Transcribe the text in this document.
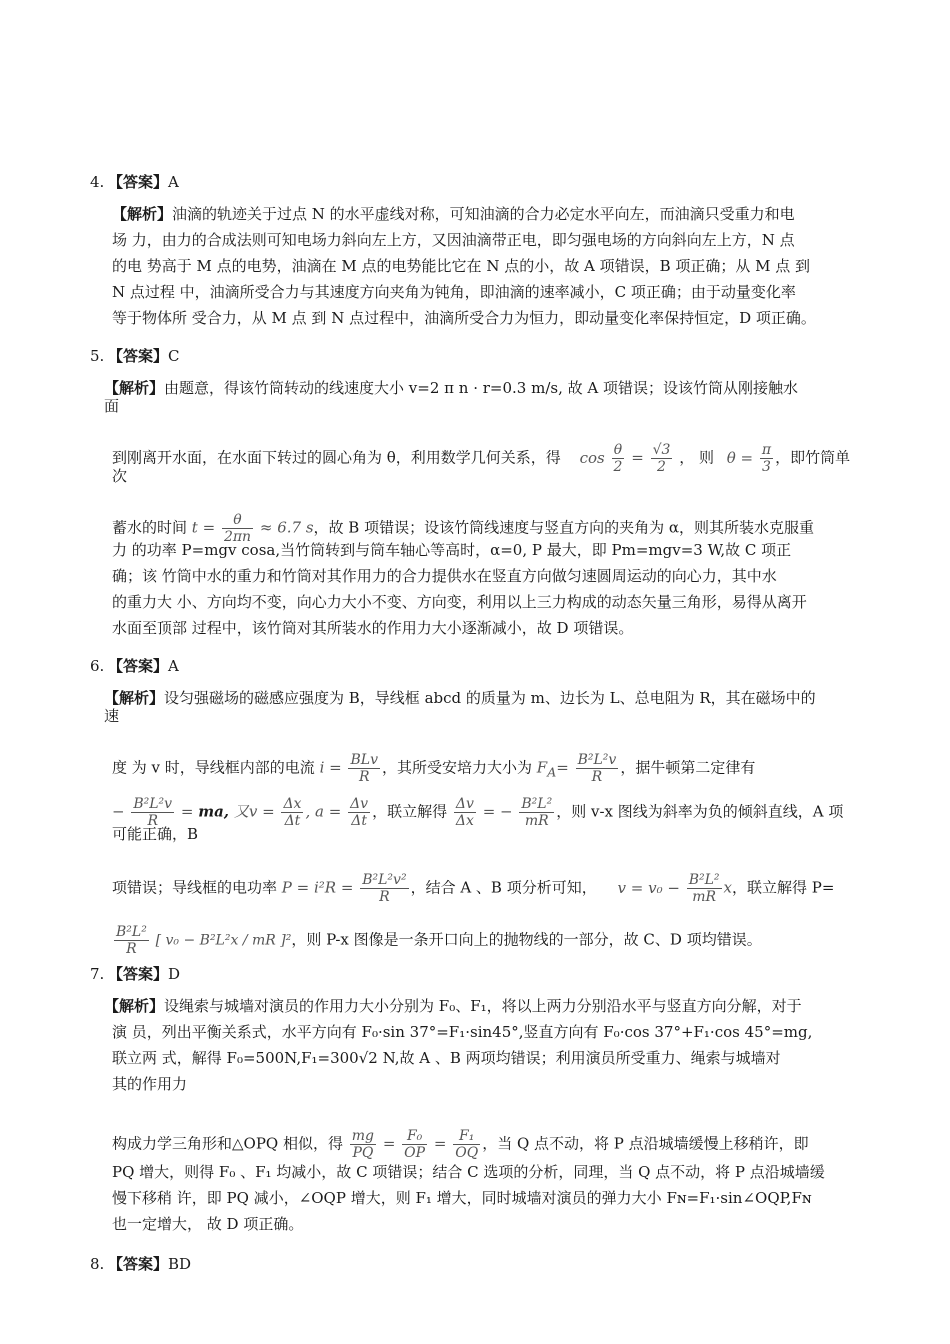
4. 【答案】A
【解析】油滴的轨迹关于过点 N 的水平虚线对称，可知油滴的合力必定水平向左，而油滴只受重力和电
场 力，由力的合成法则可知电场力斜向左上方，又因油滴带正电，即匀强电场的方向斜向左上方，N 点
的电 势高于 M 点的电势，油滴在 M 点的电势能比它在 N 点的小，故 A 项错误，B 项正确；从 M 点 到
N 点过程 中，油滴所受合力与其速度方向夹角为钝角，即油滴的速率减小，C 项正确；由于动量变化率
等于物体所 受合力，从 M 点 到 N 点过程中，油滴所受合力为恒力，即动量变化率保持恒定，D 项正确。
5. 【答案】C
【解析】由题意，得该竹筒转动的线速度大小 v=2 π n · r=0.3 m/s, 故 A 项错误；设该竹筒从刚接触水
面
到刚离开水面，在水面下转过的圆心角为 θ，利用数学几何关系，得 $\cos \frac{\theta}{2} = \frac{√3}{2}$ ， 则 $\theta = \frac{\pi}{3}$ ，即竹筒单
次
蓄水的时间 $t = \frac{\theta}{2\pi n} \approx 6.7$ s，故 B 项错误；设该竹筒线速度与竖直方向的夹角为 α，则其所装水克服重
力 的功率 P=mgv cosa,当竹筒转到与筒车轴心等高时，α=0, P 最大，即 Pm=mgv=3 W,故 C 项正
确；该 竹筒中水的重力和竹筒对其作用力的合力提供水在竖直方向做匀速圆周运动的向心力，其中水
的重力大 小、方向均不变，向心力大小不变、方向变，利用以上三力构成的动态矢量三角形，易得从离开
水面至顶部 过程中，该竹筒对其所装水的作用力大小逐渐减小，故 D 项错误。
6. 【答案】A
【解析】设匀强磁场的磁感应强度为 B，导线框 abcd 的质量为 m、边长为 L、总电阻为 R，其在磁场中的
速
度 为 v 时，导线框内部的电流 $i = \frac{\text{BLv}}{R}$ ，其所受安培力大小为 $F_A= \frac{\text{B²L²v}}{R}$ ，据牛顿第二定律有
− $\frac{\text{B²L²v}}{R}$ = ma, 又$v = \frac{\Delta x}{\Delta t}$ , $a = \frac{\Delta v}{\Delta t}$ ，联立解得 $\frac{\Delta v}{\Delta x}$ = − $\frac{\text{B²L²}}{mR}$ ，则 v-x 图线为斜率为负的倾斜直线，A 项
可能正确，B
项错误；导线框的电功率 $P = i^2R = \frac{\text{B²L²v²}}{R}$ ，结合 A 、B 项分析可知， $v = v_0 - \frac{\text{B²L²}}{mR}$ x，联立解得 P=
$\frac{\text{B²L²}}{R}$ [ v₀ − B²L²x / mR ]²，则 P-x 图像是一条开口向上的抛物线的一部分，故 C、D 项均错误。
7. 【答案】D
【解析】设绳索与城墙对演员的作用力大小分别为 F₀、F₁，将以上两力分别沿水平与竖直方向分解，对于
演 员，列出平衡关系式，水平方向有 F₀·sin 37°=F₁·sin45°,竖直方向有 F₀·cos 37°+F₁·cos 45°=mg,
联立两 式，解得 F₀=500N,F₁=300√2 N,故 A 、B 两项均错误；利用演员所受重力、绳索与城墙对
其的作用力
构成力学三角形和△OPQ 相似，得 $\frac{mg}{PQ} = \frac{\text{F₀}}{OP} = \frac{\text{F₁}}{OQ}$ ，当 Q 点不动，将 P 点沿城墙缓慢上移稍许，即
PQ 增大，则得 F₀ 、F₁ 均减小，故 C 项错误；结合 C 选项的分析，同理，当 Q 点不动，将 P 点沿城墙缓
慢下移稍 许，即 PQ 减小，∠OQP 增大，则 F₁ 增大，同时城墙对演员的弹力大小 Fɴ=F₁·sin∠OQP,Fɴ
也一定增大， 故 D 项正确。
8. 【答案】BD
